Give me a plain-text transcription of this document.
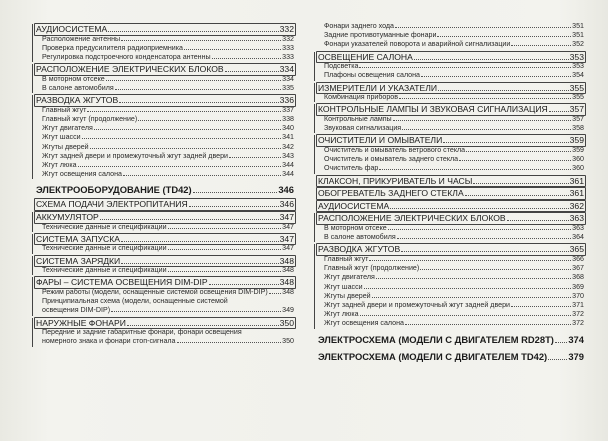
АУДИОСИСТЕМА	332
Расположение антенны	332
Проверка предусилителя радиоприемника	333
Регулировка подстроечного конденсатора антенны	333
РАСПОЛОЖЕНИЕ ЭЛЕКТРИЧЕСКИХ БЛОКОВ	334
В моторном отсеке	334
В салоне автомобиля	335
РАЗВОДКА ЖГУТОВ	336
Главный жгут	337
Главный жгут (продолжение)	338
Жгут двигателя	340
Жгут шасси	341
Жгуты дверей	342
Жгут задней двери и промежуточный жгут задней двери	343
Жгут люка	344
Жгут освещения салона	344
ЭЛЕКТРООБОРУДОВАНИЕ (TD42)	346
СХЕМА ПОДАЧИ ЭЛЕКТРОПИТАНИЯ	346
АККУМУЛЯТОР	347
Технические данные и спецификации	347
СИСТЕМА ЗАПУСКА	347
Технические данные и спецификации	347
СИСТЕМА ЗАРЯДКИ	348
Технические данные и спецификации	348
ФАРЫ – СИСТЕМА ОСВЕЩЕНИЯ DIM-DIP	348
Режим работы (модели, оснащенные системой освещения DIM-DIP) 348
Принципиальная схема (модели, оснащенные системой
освещения DIM-DIP)	349
НАРУЖНЫЕ ФОНАРИ	350
Передние и задние габаритные фонари, фонари освещения
номерного знака и фонари стоп-сигнала	350
Фонари заднего хода	351
Задние противотуманные фонари	351
Фонари указателей поворота и аварийной сигнализации	352
ОСВЕЩЕНИЕ САЛОНА	353
Подсветка	353
Плафоны освещения салона	354
ИЗМЕРИТЕЛИ И УКАЗАТЕЛИ	355
Комбинация приборов	355
КОНТРОЛЬНЫЕ ЛАМПЫ И ЗВУКОВАЯ СИГНАЛИЗАЦИЯ	357
Контрольные лампы	357
Звуковая сигнализация	358
ОЧИСТИТЕЛИ И ОМЫВАТЕЛИ	359
Очиститель и омыватель ветрового стекла	359
Очиститель и омыватель заднего стекла	360
Очиститель фар	360
КЛАКСОН, ПРИКУРИВАТЕЛЬ И ЧАСЫ	361
ОБОГРЕВАТЕЛЬ ЗАДНЕГО СТЕКЛА	361
АУДИОСИСТЕМА	362
РАСПОЛОЖЕНИЕ ЭЛЕКТРИЧЕСКИХ БЛОКОВ	363
В моторном отсеке	363
В салоне автомобиля	364
РАЗВОДКА ЖГУТОВ	365
Главный жгут	366
Главный жгут (продолжение)	367
Жгут двигателя	368
Жгут шасси	369
Жгуты дверей	370
Жгут задней двери и промежуточный жгут задней двери	371
Жгут люка	372
Жгут освещения салона	372
ЭЛЕКТРОСХЕМА (МОДЕЛИ С ДВИГАТЕЛЕМ RD28T) 374
ЭЛЕКТРОСХЕМА (МОДЕЛИ С ДВИГАТЕЛЕМ TD42) 379
